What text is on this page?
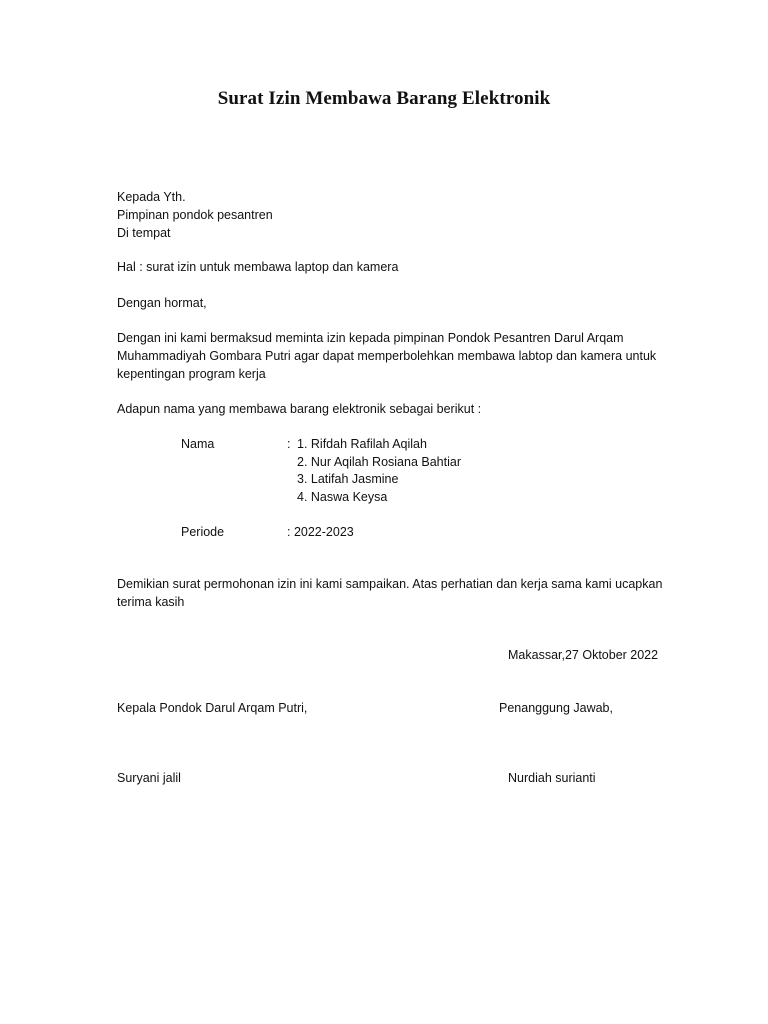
Surat Izin Membawa Barang Elektronik
Kepada Yth.
Pimpinan pondok pesantren
Di tempat
Hal : surat izin untuk membawa laptop dan kamera
Dengan hormat,
Dengan ini kami bermaksud meminta izin kepada pimpinan Pondok Pesantren Darul Arqam
Muhammadiyah Gombara Putri agar dapat memperbolehkan membawa labtop dan kamera untuk
kepentingan program kerja
Adapun nama yang membawa barang elektronik sebagai berikut :
Nama	: 1. Rifdah Rafilah Aqilah
2. Nur Aqilah Rosiana Bahtiar
3. Latifah Jasmine
4. Naswa Keysa
Periode	: 2022-2023
Demikian surat permohonan izin ini kami sampaikan. Atas perhatian dan kerja sama kami ucapkan
terima kasih
Makassar,27 Oktober 2022
Kepala Pondok Darul Arqam Putri,	Penanggung Jawab,
Suryani jalil	Nurdiah surianti
